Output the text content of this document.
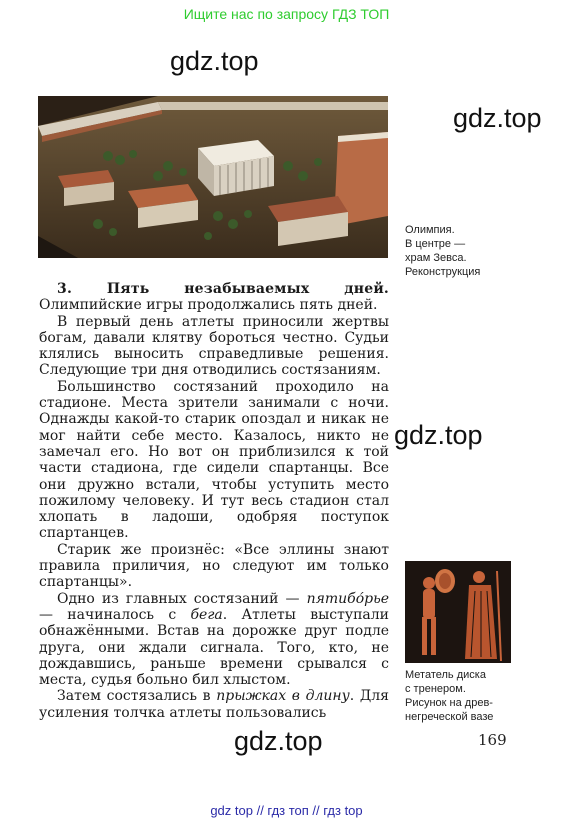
Ищите нас по запросу ГДЗ ТОП
gdz.top
gdz.top
gdz.top
gdz.top
Олимпия.
В центре —
храм Зевса.
Реконструкция

3. Пять незабываемых дней. Олимпийские игры продолжались пять дней.

В первый день атлеты приносили жертвы богам, давали клятву бороться честно. Судьи клялись выносить справедливые решения. Следующие три дня отводились состязаниям.

Большинство состязаний проходило на стадионе. Места зрители занимали с ночи. Однажды какой-то старик опоздал и никак не мог найти себе место. Казалось, никто не замечал его. Но вот он приблизился к той части стадиона, где сидели спартанцы. Все они дружно встали, чтобы уступить место пожилому человеку. И тут весь стадион стал хлопать в ладоши, одобряя поступок спартанцев.

Старик же произнёс: «Все эллины знают правила приличия, но следуют им только спартанцы».

Одно из главных состязаний — пятибо́рье — начиналось с бега. Атлеты выступали обнажёнными. Встав на дорожке друг подле друга, они ждали сигнала. Того, кто, не дождавшись, раньше времени срывался с места, судья больно бил хлыстом.

Затем состязались в прыжках в длину. Для усиления толчка атлеты пользовались

Метатель диска
с тренером.
Рисунок на древ-
негреческой вазе
169
gdz top // гдз топ // гдз top
